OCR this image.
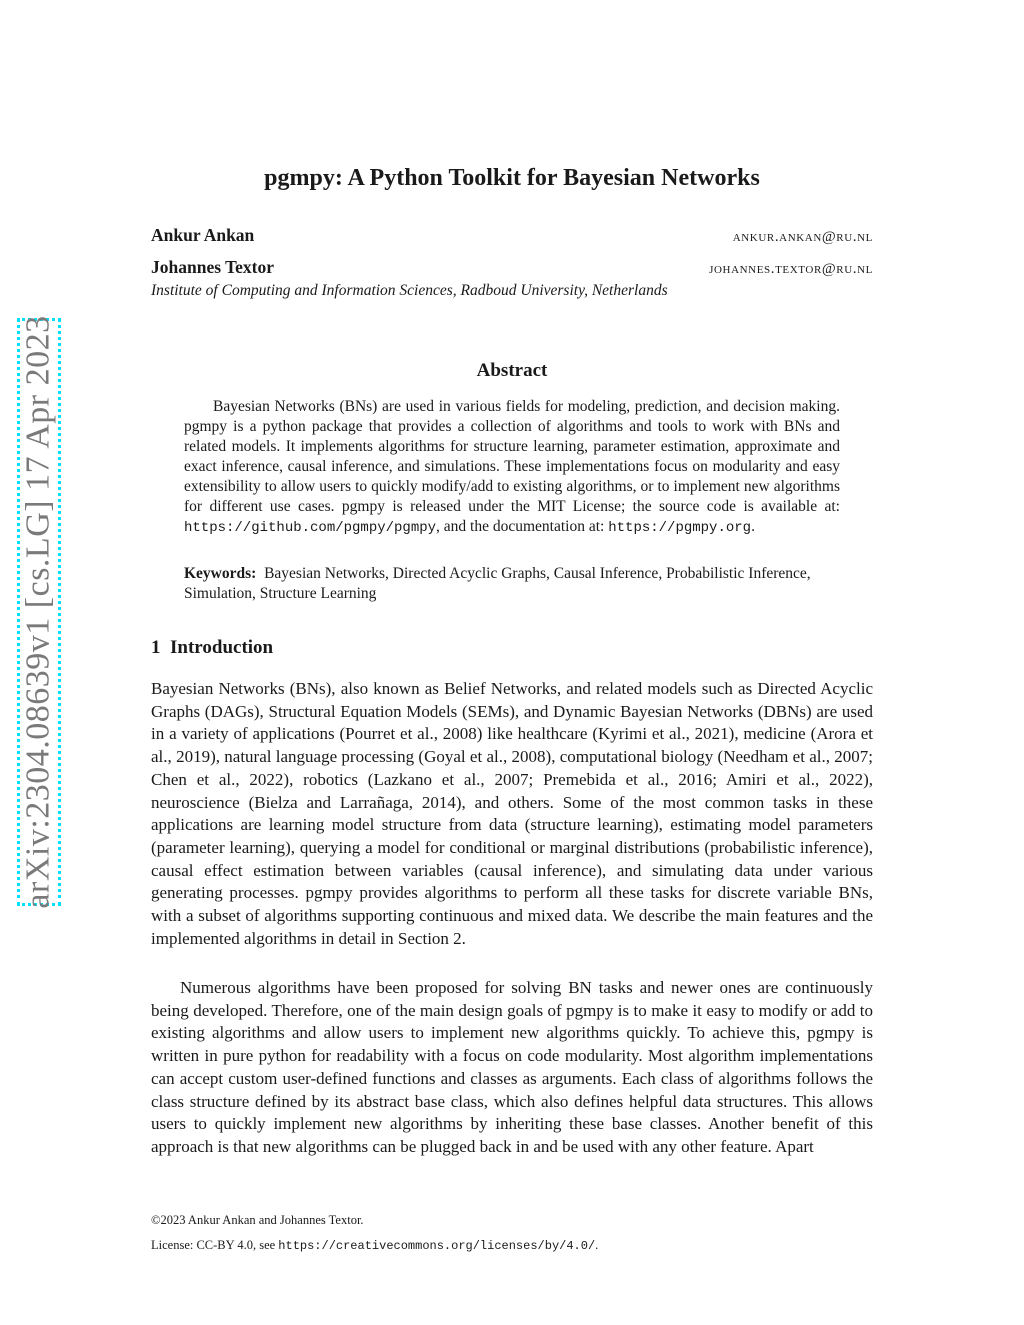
arXiv:2304.08639v1 [cs.LG] 17 Apr 2023
pgmpy: A Python Toolkit for Bayesian Networks
Ankur Ankan	ankur.ankan@ru.nl
Johannes Textor	johannes.textor@ru.nl

Institute of Computing and Information Sciences, Radboud University, Netherlands

Abstract

Bayesian Networks (BNs) are used in various fields for modeling, prediction, and decision making. pgmpy is a python package that provides a collection of algorithms and tools to work with BNs and related models. It implements algorithms for structure learning, parameter estimation, approximate and exact inference, causal inference, and simulations. These implementations focus on modularity and easy extensibility to allow users to quickly modify/add to existing algorithms, or to implement new algorithms for different use cases. pgmpy is released under the MIT License; the source code is available at: https://github.com/pgmpy/pgmpy, and the documentation at: https://pgmpy.org.

Keywords: Bayesian Networks, Directed Acyclic Graphs, Causal Inference, Probabilistic Inference, Simulation, Structure Learning

1 Introduction

Bayesian Networks (BNs), also known as Belief Networks, and related models such as Directed Acyclic Graphs (DAGs), Structural Equation Models (SEMs), and Dynamic Bayesian Networks (DBNs) are used in a variety of applications (Pourret et al., 2008) like healthcare (Kyrimi et al., 2021), medicine (Arora et al., 2019), natural language processing (Goyal et al., 2008), computational biology (Needham et al., 2007; Chen et al., 2022), robotics (Lazkano et al., 2007; Premebida et al., 2016; Amiri et al., 2022), neuroscience (Bielza and Larrañaga, 2014), and others. Some of the most common tasks in these applications are learning model structure from data (structure learning), estimating model parameters (parameter learning), querying a model for conditional or marginal distributions (probabilistic inference), causal effect estimation between variables (causal inference), and simulating data under various generating processes. pgmpy provides algorithms to perform all these tasks for discrete variable BNs, with a subset of algorithms supporting continuous and mixed data. We describe the main features and the implemented algorithms in detail in Section 2.

Numerous algorithms have been proposed for solving BN tasks and newer ones are continuously being developed. Therefore, one of the main design goals of pgmpy is to make it easy to modify or add to existing algorithms and allow users to implement new algorithms quickly. To achieve this, pgmpy is written in pure python for readability with a focus on code modularity. Most algorithm implementations can accept custom user-defined functions and classes as arguments. Each class of algorithms follows the class structure defined by its abstract base class, which also defines helpful data structures. This allows users to quickly implement new algorithms by inheriting these base classes. Another benefit of this approach is that new algorithms can be plugged back in and be used with any other feature. Apart

©2023 Ankur Ankan and Johannes Textor.

License: CC-BY 4.0, see https://creativecommons.org/licenses/by/4.0/.
